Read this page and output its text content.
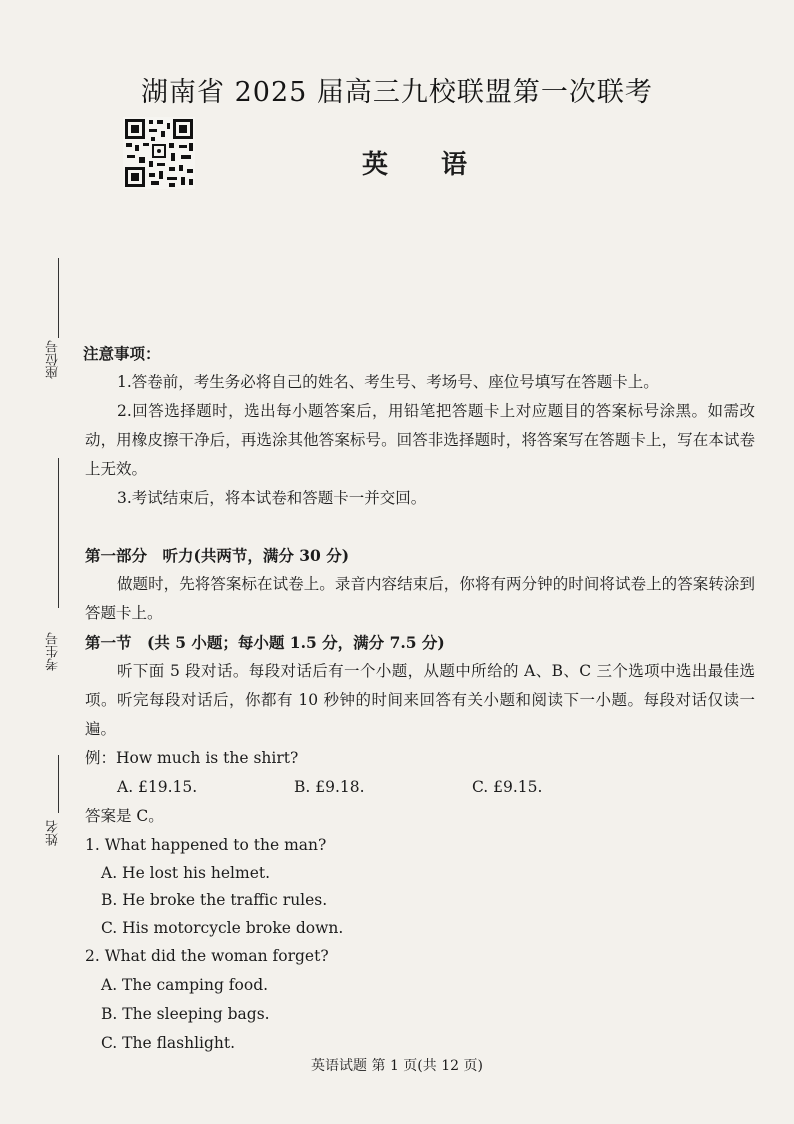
湖南省 2025 届高三九校联盟第一次联考
英 语
座位号
考生号
姓名
注意事项：
1.答卷前，考生务必将自己的姓名、考生号、考场号、座位号填写在答题卡上。
2.回答选择题时，选出每小题答案后，用铅笔把答题卡上对应题目的答案标号涂黑。如需改动，用橡皮擦干净后，再选涂其他答案标号。回答非选择题时，将答案写在答题卡上，写在本试卷上无效。
3.考试结束后，将本试卷和答题卡一并交回。
第一部分　听力(共两节，满分 30 分)
做题时，先将答案标在试卷上。录音内容结束后，你将有两分钟的时间将试卷上的答案转涂到答题卡上。
第一节　(共 5 小题；每小题 1.5 分，满分 7.5 分)
听下面 5 段对话。每段对话后有一个小题，从题中所给的 A、B、C 三个选项中选出最佳选项。听完每段对话后，你都有 10 秒钟的时间来回答有关小题和阅读下一小题。每段对话仅读一遍。
例：How much is the shirt?
A. £19.15.	B. £9.18.	C. £9.15.
答案是 C。
1. What happened to the man?
A. He lost his helmet.
B. He broke the traffic rules.
C. His motorcycle broke down.
2. What did the woman forget?
A. The camping food.
B. The sleeping bags.
C. The flashlight.
英语试题 第 1 页(共 12 页)
